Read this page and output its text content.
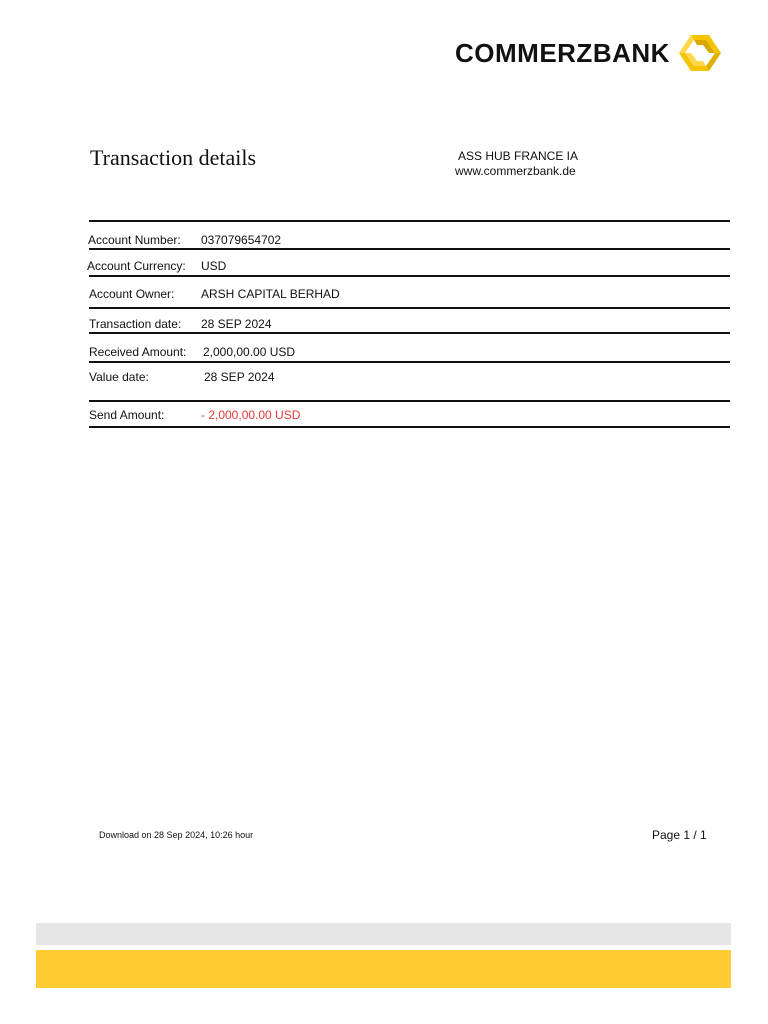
COMMERZBANK
Transaction details	ASS HUB FRANCE IA
www.commerzbank.de
Account Number: 037079654702
Account Currency: USD
Account Owner: ARSH CAPITAL BERHAD
Transaction date: 28 SEP 2024
Received Amount: 2,000,00.00 USD
Value date:	28 SEP 2024
Send Amount:	- 2,000,00.00 USD
Download on 28 Sep 2024, 10:26 hour	Page 1 / 1
